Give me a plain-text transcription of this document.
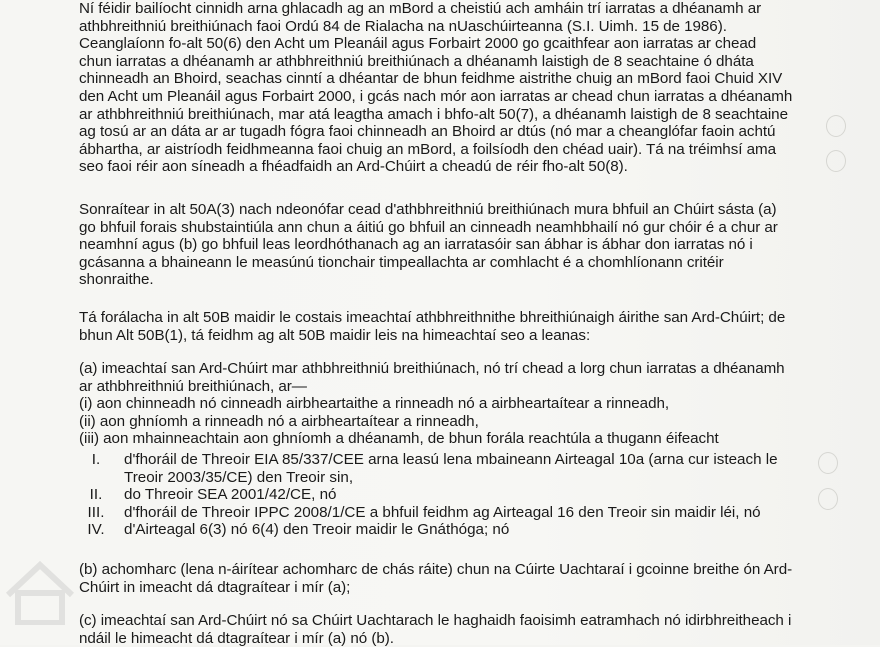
Ní féidir bailíocht cinnidh arna ghlacadh ag an mBord a cheistiú ach amháin trí iarratas a dhéanamh ar
athbhreithniú breithiúnach faoi Ordú 84 de Rialacha na nUaschúirteanna (S.I. Uimh. 15 de 1986).
Ceanglaíonn fo-alt 50(6) den Acht um Pleanáil agus Forbairt 2000 go gcaithfear aon iarratas ar chead
chun iarratas a dhéanamh ar athbhreithniú breithiúnach a dhéanamh laistigh de 8 seachtaine ó dháta
chinneadh an Bhoird, seachas cinntí a dhéantar de bhun feidhme aistrithe chuig an mBord faoi Chuid XIV
den Acht um Pleanáil agus Forbairt 2000, i gcás nach mór aon iarratas ar chead chun iarratas a dhéanamh
ar athbhreithniú breithiúnach, mar atá leagtha amach i bhfo-alt 50(7), a dhéanamh laistigh de 8 seachtaine
ag tosú ar an dáta ar ar tugadh fógra faoi chinneadh an Bhoird ar dtús (nó mar a cheanglófar faoin achtú
ábhartha, ar aistríodh feidhmeanna faoi chuig an mBord, a foilsíodh den chéad uair). Tá na tréimhsí ama
seo faoi réir aon síneadh a fhéadfaidh an Ard-Chúirt a cheadú de réir fho-alt 50(8).
Sonraítear in alt 50A(3) nach ndeonófar cead d'athbhreithniú breithiúnach mura bhfuil an Chúirt sásta (a)
go bhfuil forais shubstaintiúla ann chun a áitiú go bhfuil an cinneadh neamhbhailí nó gur chóir é a chur ar
neamhní agus (b) go bhfuil leas leordhóthanach ag an iarratasóir san ábhar is ábhar don iarratas nó i
gcásanna a bhaineann le measúnú tionchair timpeallachta ar comhlacht é a chomhlíonann critéir
shonraithe.
Tá forálacha in alt 50B maidir le costais imeachtaí athbhreithnithe bhreithiúnaigh áirithe san Ard-Chúirt; de
bhun Alt 50B(1), tá feidhm ag alt 50B maidir leis na himeachtaí seo a leanas:
(a) imeachtaí san Ard-Chúirt mar athbhreithniú breithiúnach, nó trí chead a lorg chun iarratas a dhéanamh
ar athbhreithniú breithiúnach, ar—
(i) aon chinneadh nó cinneadh airbheartaithe a rinneadh nó a airbheartaítear a rinneadh,
(ii) aon ghníomh a rinneadh nó a airbheartaítear a rinneadh,
(iii) aon mhainneachtain aon ghníomh a dhéanamh, de bhun forála reachtúla a thugann éifeacht
I.	d'fhoráil de Threoir EIA 85/337/CEE arna leasú lena mbaineann Airteagal 10a (arna cur isteach le
Treoir 2003/35/CE) den Treoir sin,
II.	do Threoir SEA 2001/42/CE, nó
III. d'fhoráil de Threoir IPPC 2008/1/CE a bhfuil feidhm ag Airteagal 16 den Treoir sin maidir léi, nó
IV. d'Airteagal 6(3) nó 6(4) den Treoir maidir le Gnáthóga; nó
(b) achomharc (lena n-áirítear achomharc de chás ráite) chun na Cúirte Uachtaraí i gcoinne breithe ón Ard-
Chúirt in imeacht dá dtagraítear i mír (a);
(c) imeachtaí san Ard-Chúirt nó sa Chúirt Uachtarach le haghaidh faoisimh eatramhach nó idirbhreitheach i
ndáil le himeacht dá dtagraítear i mír (a) nó (b).
